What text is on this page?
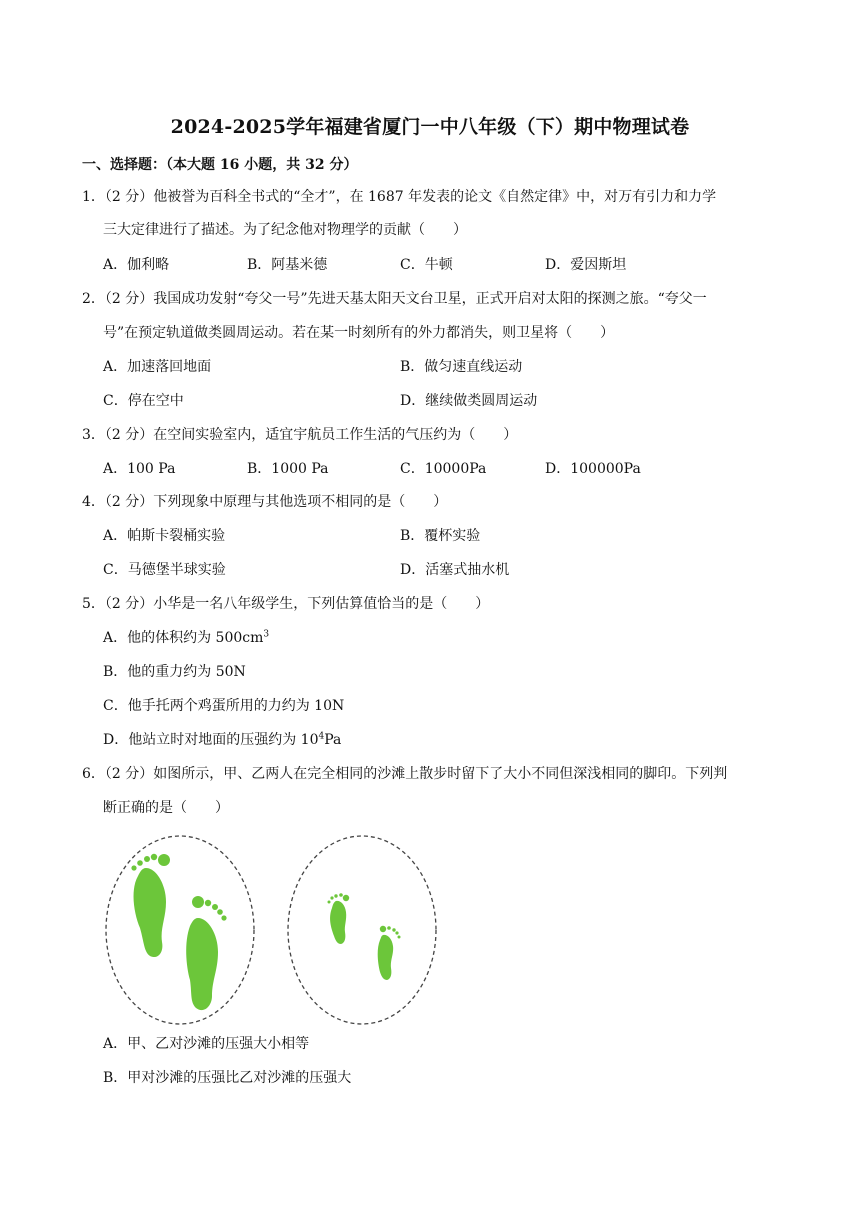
2024-2025学年福建省厦门一中八年级（下）期中物理试卷
一、选择题：（本大题 16 小题，共 32 分）
1．（2 分）他被誉为百科全书式的“全才”，在 1687 年发表的论文《自然定律》中，对万有引力和力学
三大定律进行了描述。为了纪念他对物理学的贡献（　　）
A．伽利略	B．阿基米德	C．牛顿	D．爱因斯坦
2．（2 分）我国成功发射“夸父一号”先进天基太阳天文台卫星，正式开启对太阳的探测之旅。“夸父一
号”在预定轨道做类圆周运动。若在某一时刻所有的外力都消失，则卫星将（　　）
A．加速落回地面	B．做匀速直线运动
C．停在空中	D．继续做类圆周运动
3．（2 分）在空间实验室内，适宜宇航员工作生活的气压约为（　　）
A．100 Pa	B．1000 Pa	C．10000Pa	D．100000Pa
4．（2 分）下列现象中原理与其他选项不相同的是（　　）
A．帕斯卡裂桶实验	B．覆杯实验
C．马德堡半球实验	D．活塞式抽水机
5．（2 分）小华是一名八年级学生，下列估算值恰当的是（　　）
A．他的体积约为 $500cm^3$
B．他的重力约为 50N
C．他手托两个鸡蛋所用的力约为 10N
D．他站立时对地面的压强约为 $10^4Pa$
6．（2 分）如图所示，甲、乙两人在完全相同的沙滩上散步时留下了大小不同但深浅相同的脚印。下列判
断正确的是（　　）
A．甲、乙对沙滩的压强大小相等
B．甲对沙滩的压强比乙对沙滩的压强大
